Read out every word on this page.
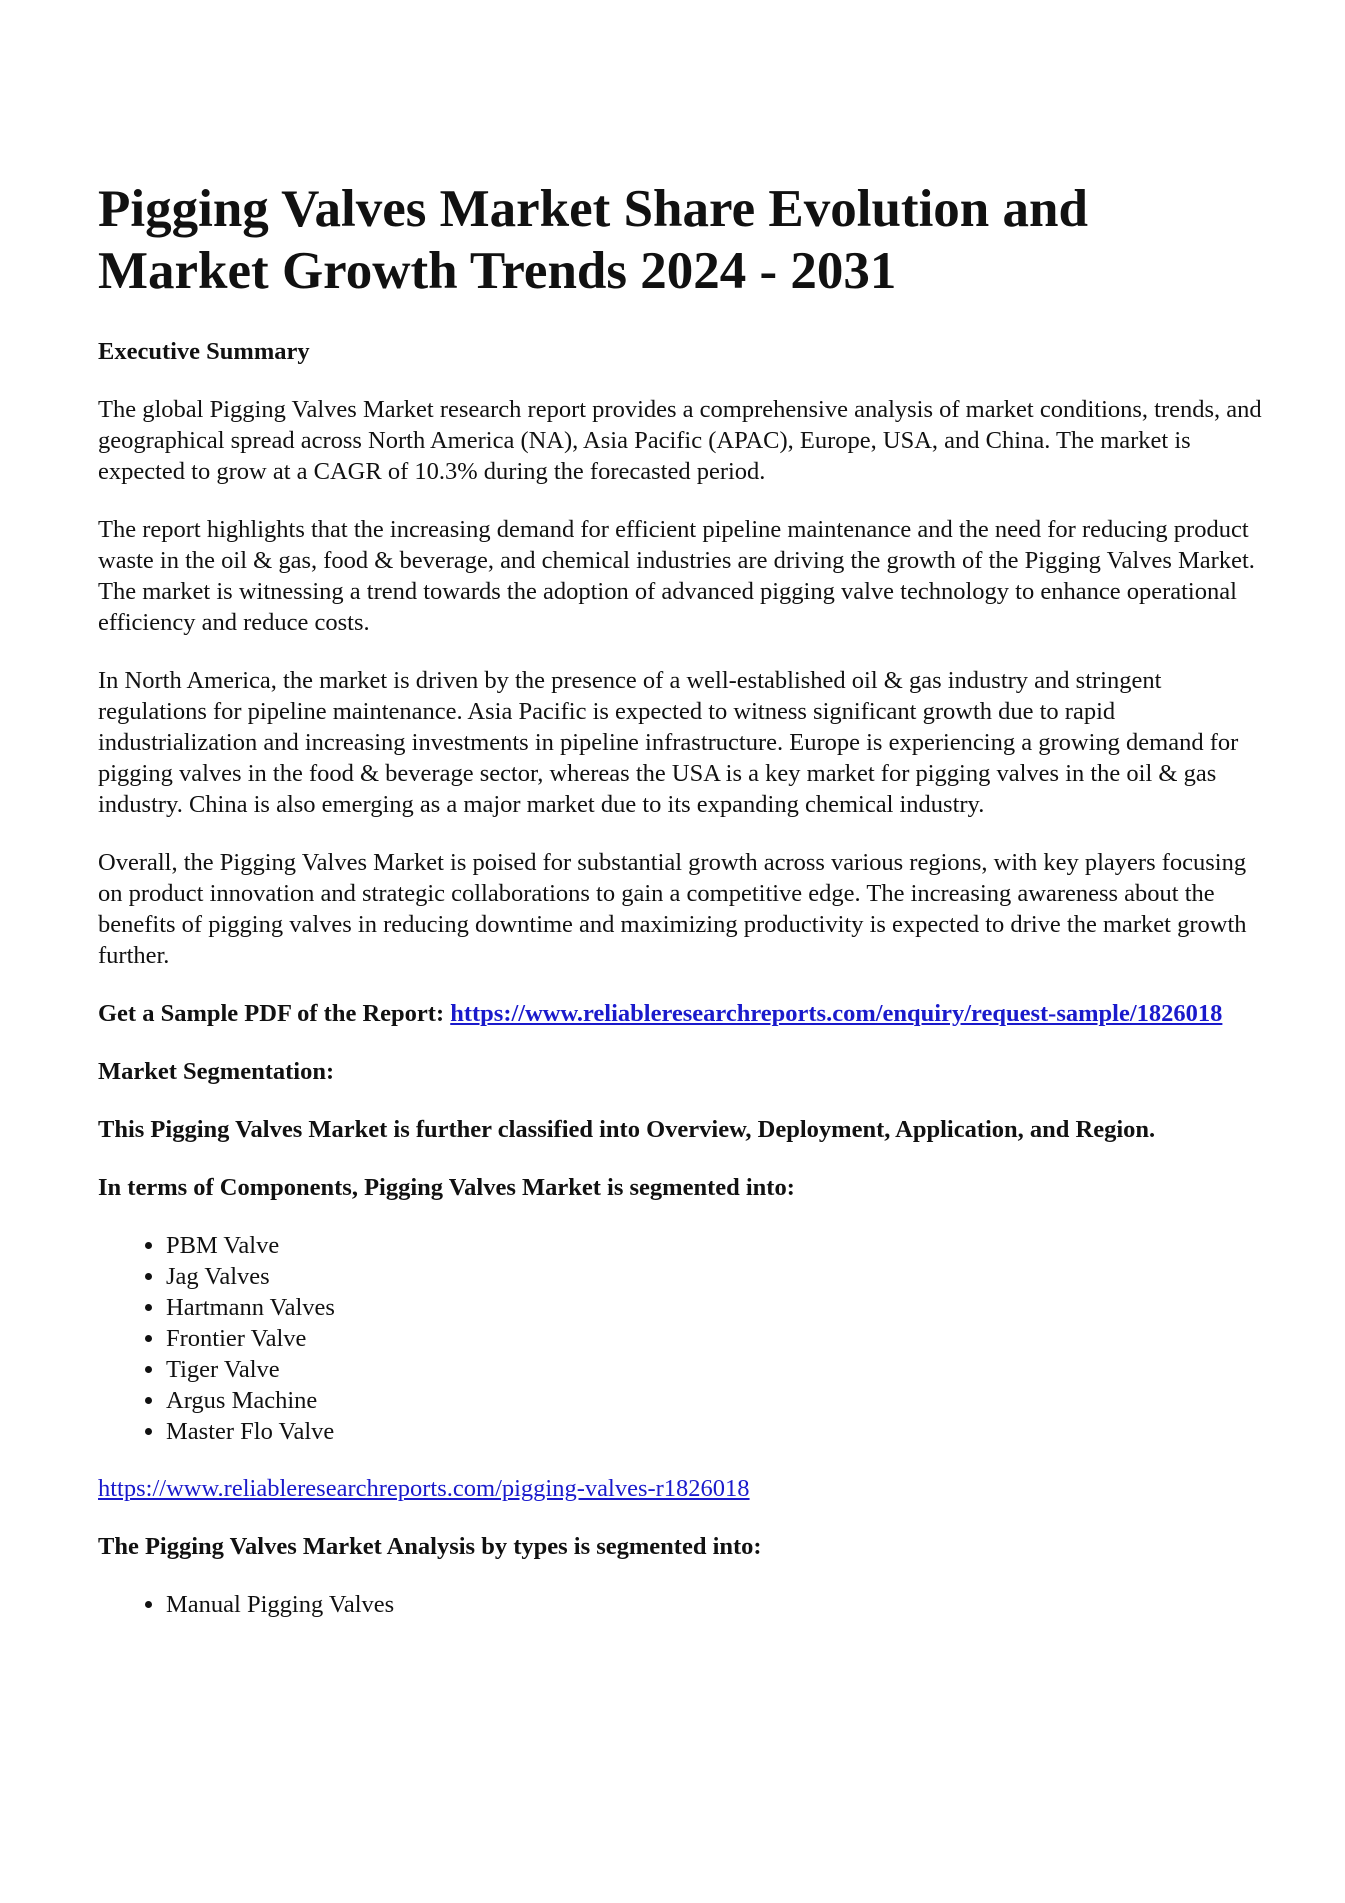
Pigging Valves Market Share Evolution and Market Growth Trends 2024 - 2031

Executive Summary

The global Pigging Valves Market research report provides a comprehensive analysis of market conditions, trends, and geographical spread across North America (NA), Asia Pacific (APAC), Europe, USA, and China. The market is expected to grow at a CAGR of 10.3% during the forecasted period.

The report highlights that the increasing demand for efficient pipeline maintenance and the need for reducing product waste in the oil & gas, food & beverage, and chemical industries are driving the growth of the Pigging Valves Market. The market is witnessing a trend towards the adoption of advanced pigging valve technology to enhance operational efficiency and reduce costs.

In North America, the market is driven by the presence of a well-established oil & gas industry and stringent regulations for pipeline maintenance. Asia Pacific is expected to witness significant growth due to rapid industrialization and increasing investments in pipeline infrastructure. Europe is experiencing a growing demand for pigging valves in the food & beverage sector, whereas the USA is a key market for pigging valves in the oil & gas industry. China is also emerging as a major market due to its expanding chemical industry.

Overall, the Pigging Valves Market is poised for substantial growth across various regions, with key players focusing on product innovation and strategic collaborations to gain a competitive edge. The increasing awareness about the benefits of pigging valves in reducing downtime and maximizing productivity is expected to drive the market growth further.

Get a Sample PDF of the Report: https://www.reliableresearchreports.com/enquiry/request-sample/1826018

Market Segmentation:

This Pigging Valves Market is further classified into Overview, Deployment, Application, and Region.

In terms of Components, Pigging Valves Market is segmented into:

• PBM Valve
• Jag Valves
• Hartmann Valves
• Frontier Valve
• Tiger Valve
• Argus Machine
• Master Flo Valve

https://www.reliableresearchreports.com/pigging-valves-r1826018

The Pigging Valves Market Analysis by types is segmented into:

• Manual Pigging Valves
